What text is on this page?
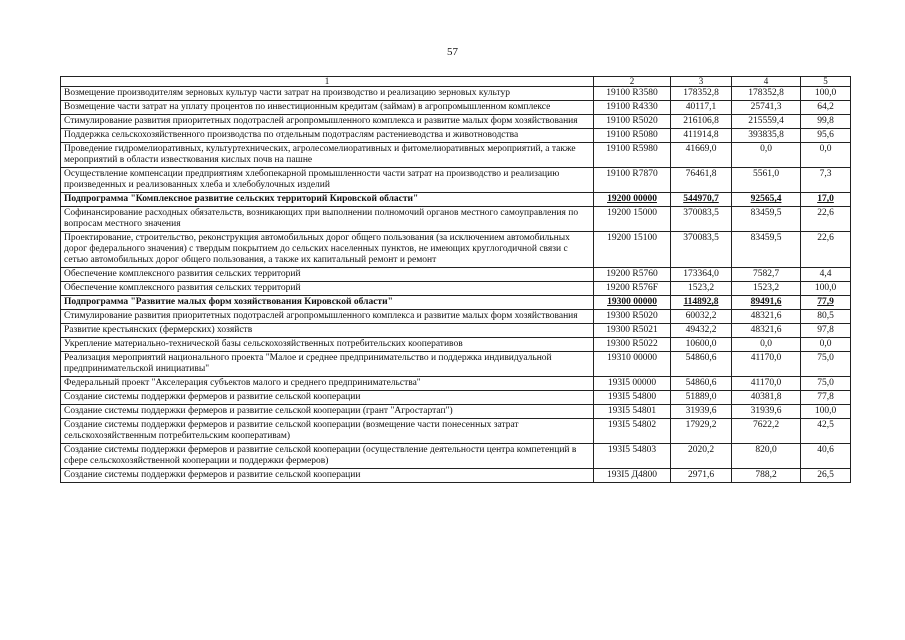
57
1	2	3	4	5
Возмещение производителям зерновых культур части затрат на производство и реализацию зерновых культур	19100 R3580	178352,8	178352,8	100,0
Возмещение части затрат на уплату процентов по инвестиционным кредитам (займам) в агропромышленном комплексе	19100 R4330	40117,1	25741,3	64,2
Стимулирование развития приоритетных подотраслей агропромышленного комплекса и развитие малых форм хозяйствования	19100 R5020	216106,8	215559,4	99,8
Поддержка сельскохозяйственного производства по отдельным подотраслям растениеводства и животноводства	19100 R5080	411914,8	393835,8	95,6
Проведение гидромелиоративных, культуртехнических, агролесомелиоративных и фитомелиоративных мероприятий, а также мероприятий в области известкования кислых почв на пашне	19100 R5980	41669,0	0,0	0,0
Осуществление компенсации предприятиям хлебопекарной промышленности части затрат на производство и реализацию произведенных и реализованных хлеба и хлебобулочных изделий	19100 R7870	76461,8	5561,0	7,3
Подпрограмма "Комплексное развитие сельских территорий Кировской области"	19200 00000	544970,7	92565,4	17,0
Софинансирование расходных обязательств, возникающих при выполнении полномочий органов местного самоуправления по вопросам местного значения	19200 15000	370083,5	83459,5	22,6
Проектирование, строительство, реконструкция автомобильных дорог общего пользования (за исключением автомобильных дорог федерального значения) с твердым покрытием до сельских населенных пунктов, не имеющих круглогодичной связи с сетью автомобильных дорог общего пользования, а также их капитальный ремонт и ремонт	19200 15100	370083,5	83459,5	22,6
Обеспечение комплексного развития сельских территорий	19200 R5760	173364,0	7582,7	4,4
Обеспечение комплексного развития сельских территорий	19200 R576F	1523,2	1523,2	100,0
Подпрограмма "Развитие малых форм хозяйствования Кировской области"	19300 00000	114892,8	89491,6	77,9
Стимулирование развития приоритетных подотраслей агропромышленного комплекса и развитие малых форм хозяйствования	19300 R5020	60032,2	48321,6	80,5
Развитие крестьянских (фермерских) хозяйств	19300 R5021	49432,2	48321,6	97,8
Укрепление материально-технической базы сельскохозяйственных потребительских кооперативов	19300 R5022	10600,0	0,0	0,0
Реализация мероприятий национального проекта "Малое и среднее предпринимательство и поддержка индивидуальной предпринимательской инициативы"	19310 00000	54860,6	41170,0	75,0
Федеральный проект "Акселерация субъектов малого и среднего предпринимательства"	193I5 00000	54860,6	41170,0	75,0
Создание системы поддержки фермеров и развитие сельской кооперации	193I5 54800	51889,0	40381,8	77,8
Создание системы поддержки фермеров и развитие сельской кооперации (грант "Агростартап")	193I5 54801	31939,6	31939,6	100,0
Создание системы поддержки фермеров и развитие сельской кооперации (возмещение части понесенных затрат сельскохозяйственным потребительским кооперативам)	193I5 54802	17929,2	7622,2	42,5
Создание системы поддержки фермеров и развитие сельской кооперации (осуществление деятельности центра компетенций в сфере сельскохозяйственной кооперации и поддержки фермеров)	193I5 54803	2020,2	820,0	40,6
Создание системы поддержки фермеров и развитие сельской кооперации	193I5 Д4800	2971,6	788,2	26,5
